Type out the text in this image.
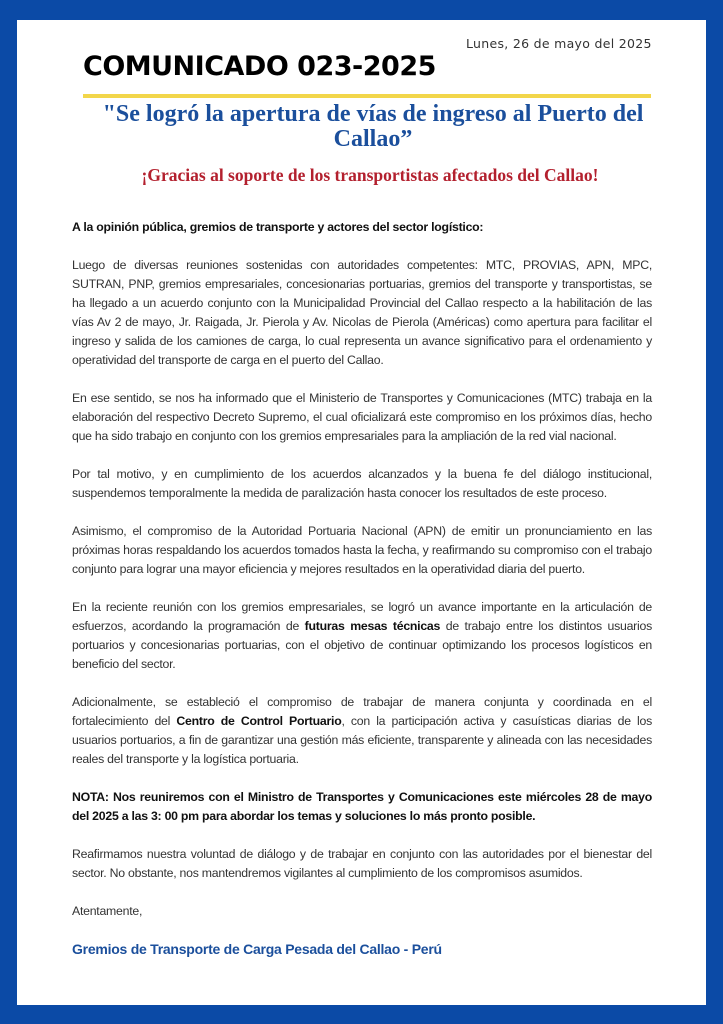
Lunes, 26 de mayo del 2025
COMUNICADO 023-2025
"Se logró la apertura de vías de ingreso al Puerto del Callao”
¡Gracias al soporte de los transportistas afectados del Callao!

A la opinión pública, gremios de transporte y actores del sector logístico:

Luego de diversas reuniones sostenidas con autoridades competentes: MTC, PROVIAS, APN, MPC, SUTRAN, PNP, gremios empresariales, concesionarias portuarias, gremios del transporte y transportistas, se ha llegado a un acuerdo conjunto con la Municipalidad Provincial del Callao respecto a la habilitación de las vías Av 2 de mayo, Jr. Raigada, Jr. Pierola y Av. Nicolas de Pierola (Américas) como apertura para facilitar el ingreso y salida de los camiones de carga, lo cual representa un avance significativo para el ordenamiento y operatividad del transporte de carga en el puerto del Callao.

En ese sentido, se nos ha informado que el Ministerio de Transportes y Comunicaciones (MTC) trabaja en la elaboración del respectivo Decreto Supremo, el cual oficializará este compromiso en los próximos días, hecho que ha sido trabajo en conjunto con los gremios empresariales para la ampliación de la red vial nacional.

Por tal motivo, y en cumplimiento de los acuerdos alcanzados y la buena fe del diálogo institucional, suspendemos temporalmente la medida de paralización hasta conocer los resultados de este proceso.

Asimismo, el compromiso de la Autoridad Portuaria Nacional (APN) de emitir un pronunciamiento en las próximas horas respaldando los acuerdos tomados hasta la fecha, y reafirmando su compromiso con el trabajo conjunto para lograr una mayor eficiencia y mejores resultados en la operatividad diaria del puerto.

En la reciente reunión con los gremios empresariales, se logró un avance importante en la articulación de esfuerzos, acordando la programación de futuras mesas técnicas de trabajo entre los distintos usuarios portuarios y concesionarias portuarias, con el objetivo de continuar optimizando los procesos logísticos en beneficio del sector.

Adicionalmente, se estableció el compromiso de trabajar de manera conjunta y coordinada en el fortalecimiento del Centro de Control Portuario, con la participación activa y casuísticas diarias de los usuarios portuarios, a fin de garantizar una gestión más eficiente, transparente y alineada con las necesidades reales del transporte y la logística portuaria.

NOTA: Nos reuniremos con el Ministro de Transportes y Comunicaciones este miércoles 28 de mayo del 2025 a las 3: 00 pm para abordar los temas y soluciones lo más pronto posible.

Reafirmamos nuestra voluntad de diálogo y de trabajar en conjunto con las autoridades por el bienestar del sector. No obstante, nos mantendremos vigilantes al cumplimiento de los compromisos asumidos.

Atentamente,

Gremios de Transporte de Carga Pesada del Callao - Perú
